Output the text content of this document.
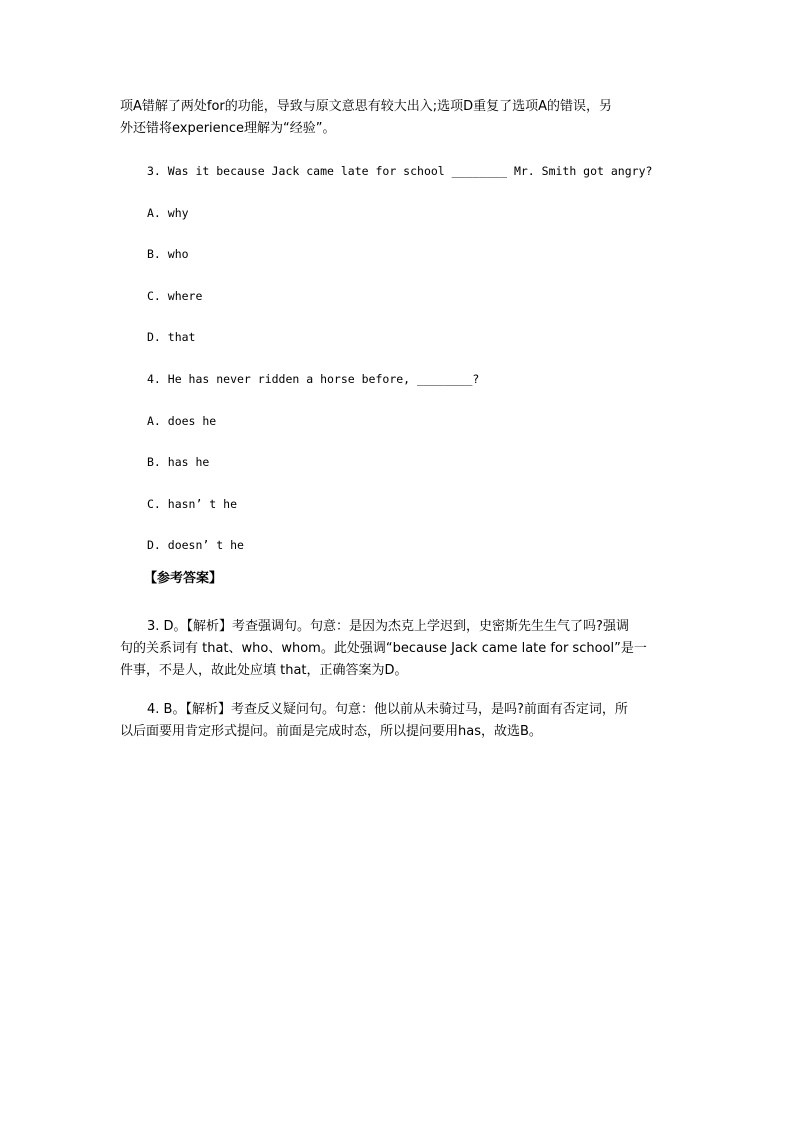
项A错解了两处for的功能，导致与原文意思有较大出入;选项D重复了选项A的错误，另
外还错将experience理解为“经验”。
3. Was it because Jack came late for school ________ Mr. Smith got angry?
A. why
B. who
C. where
D. that
4. He has never ridden a horse before, ________?
A. does he
B. has he
C. hasn’ t he
D. doesn’ t he
【参考答案】
3. D。【解析】考查强调句。句意：是因为杰克上学迟到，史密斯先生生气了吗?强调
句的关系词有 that、who、whom。此处强调“because Jack came late for school”是一
件事，不是人，故此处应填 that，正确答案为D。
4. B。【解析】考查反义疑问句。句意：他以前从未骑过马，是吗?前面有否定词，所
以后面要用肯定形式提问。前面是完成时态，所以提问要用has，故选B。
